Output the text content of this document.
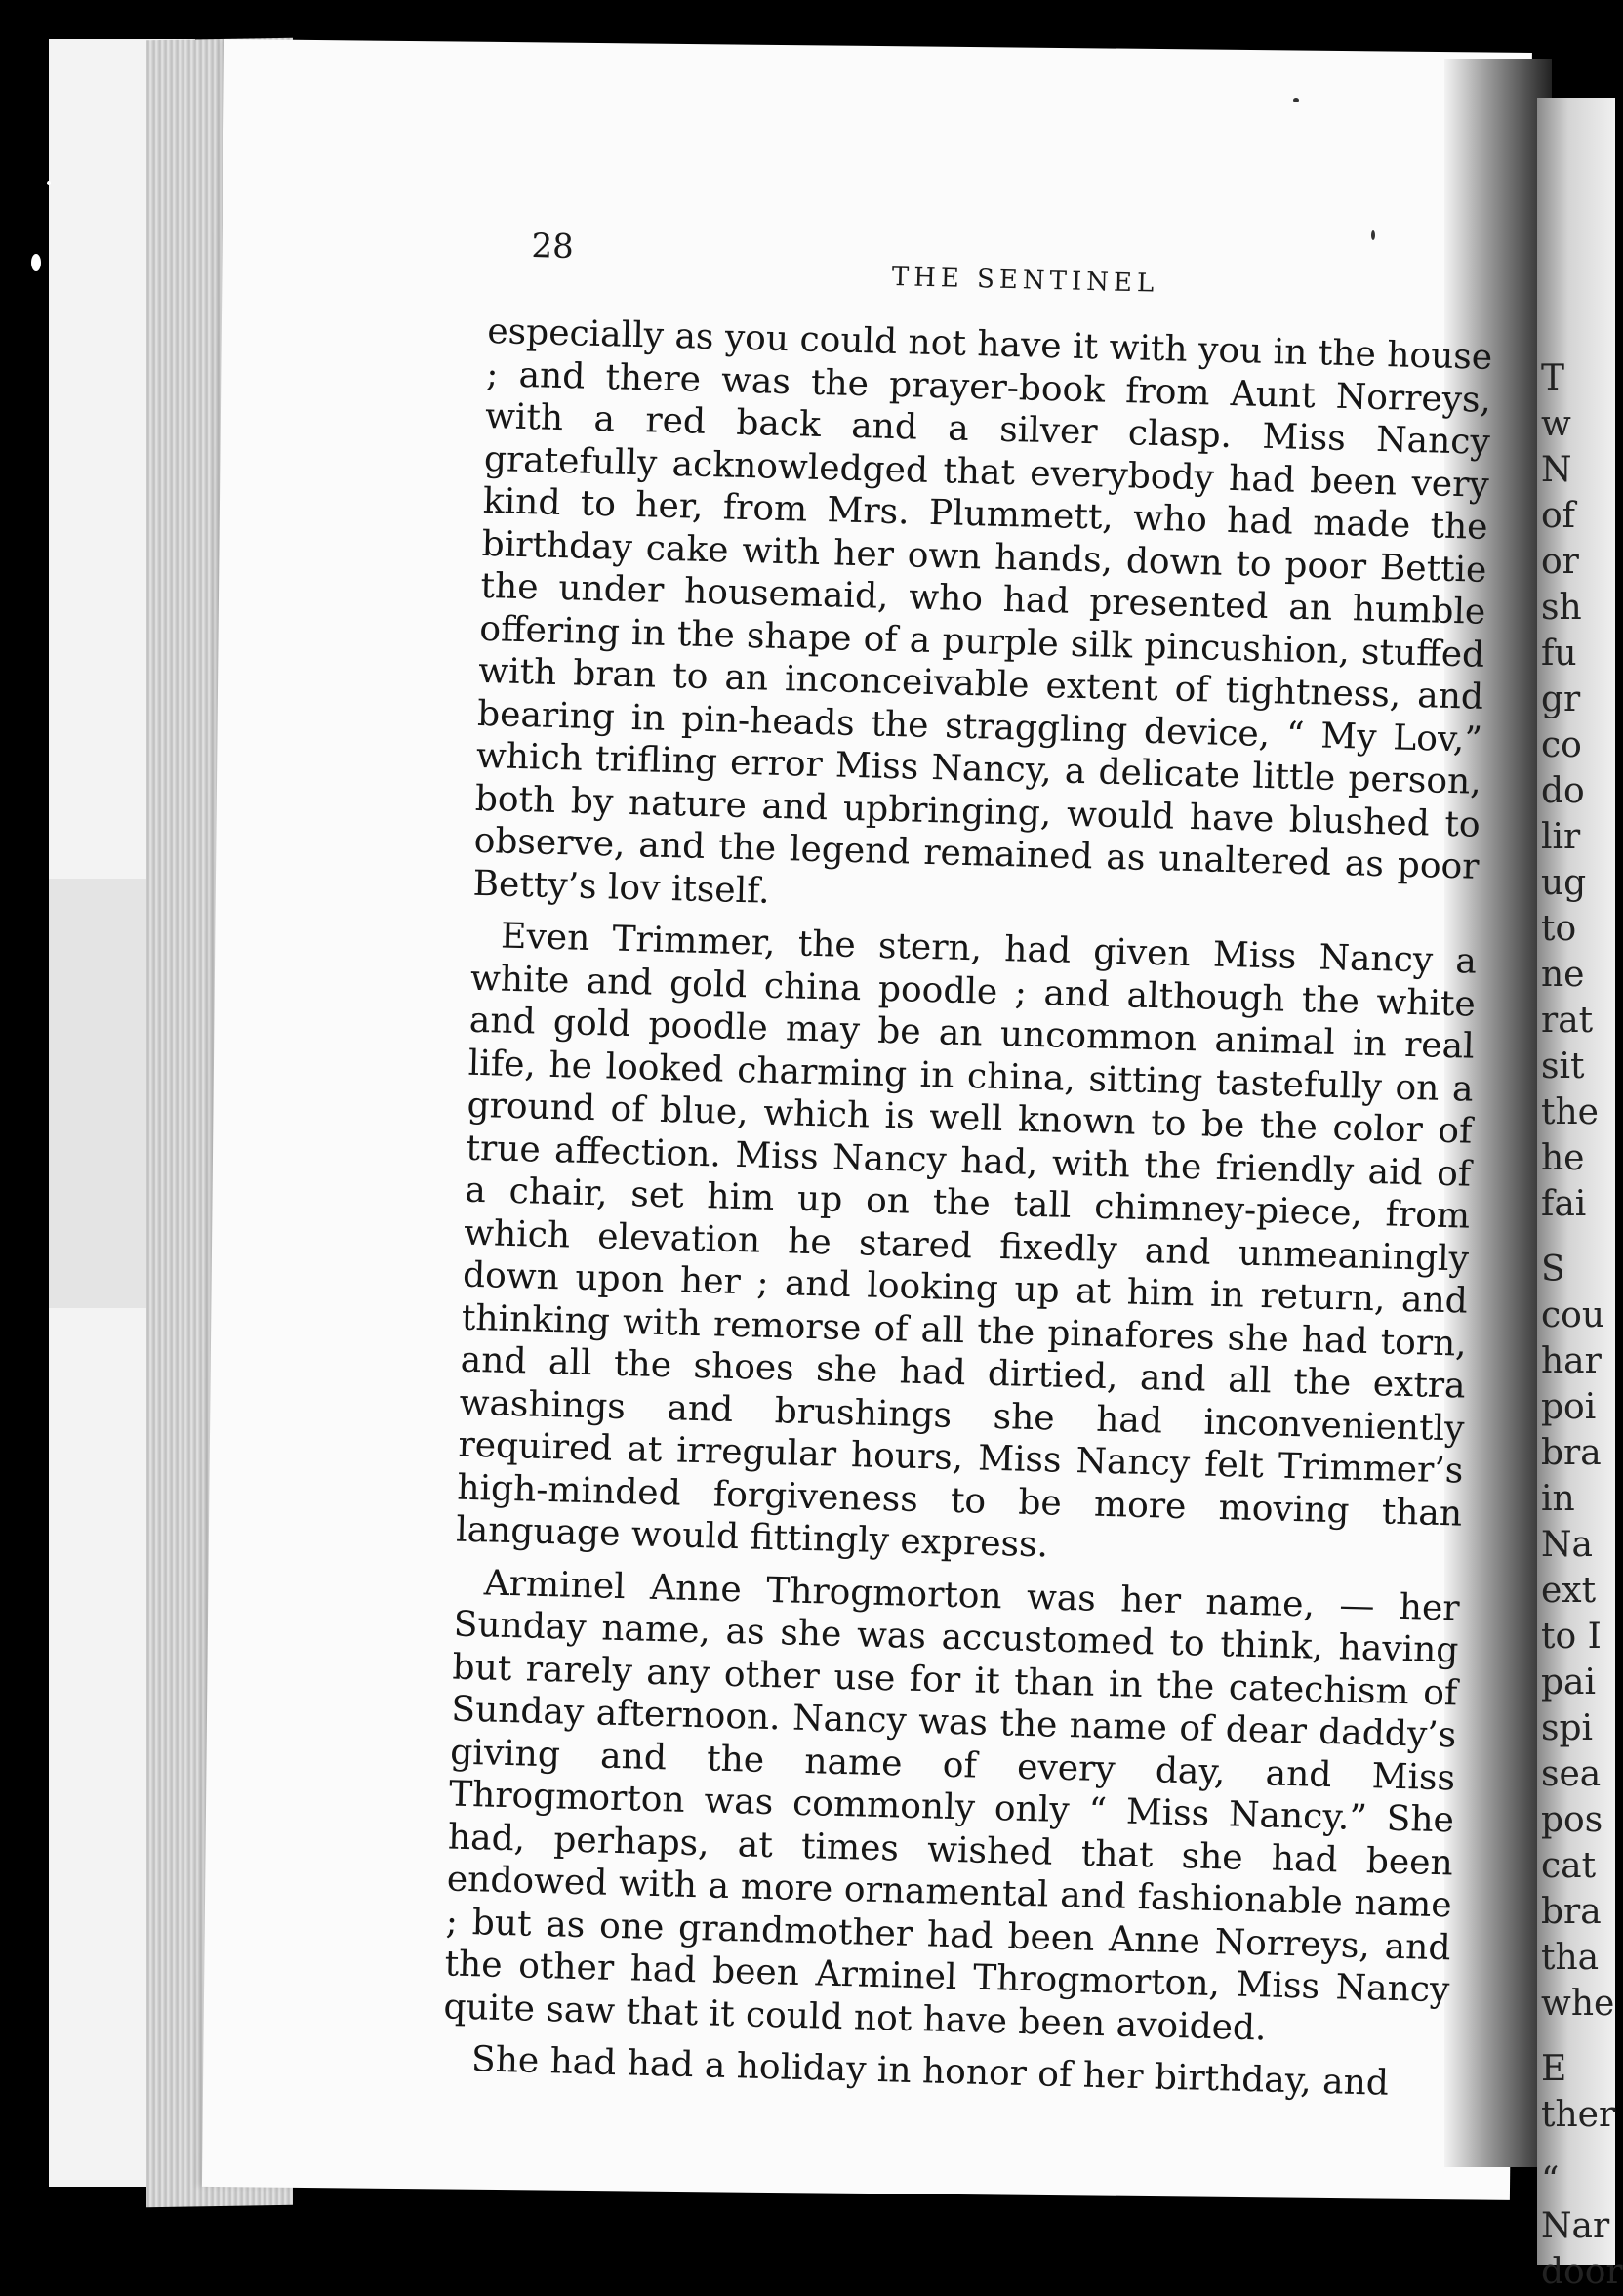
T
w
N
of
or
sh
fu
gr
co
do
lir
ug
to
ne
rat
sit
the
he
fai
S
cou
har
poi
bra
in
Na
ext
to I
pai
spi
sea
pos
cat
bra
tha
whe
E
ther
“
Nar
door
28
THE SENTINEL

especially as you could not have it with you in the house ; and there was the prayer-book from Aunt Norreys, with a red back and a silver clasp. Miss Nancy gratefully acknowledged that everybody had been very kind to her, from Mrs. Plummett, who had made the birthday cake with her own hands, down to poor Bettie the under housemaid, who had presented an humble offering in the shape of a purple silk pincushion, stuffed with bran to an inconceivable extent of tightness, and bearing in pin-heads the straggling device, “ My Lov,” which trifling error Miss Nancy, a delicate little person, both by nature and upbringing, would have blushed to observe, and the legend remained as unaltered as poor Betty’s lov itself.

Even Trimmer, the stern, had given Miss Nancy a white and gold china poodle ; and although the white and gold poodle may be an uncommon animal in real life, he looked charming in china, sitting tastefully on a ground of blue, which is well known to be the color of true affection. Miss Nancy had, with the friendly aid of a chair, set him up on the tall chimney-piece, from which elevation he stared fixedly and unmeaningly down upon her ; and looking up at him in return, and thinking with remorse of all the pinafores she had torn, and all the shoes she had dirtied, and all the extra washings and brushings she had inconveniently required at irregular hours, Miss Nancy felt Trimmer’s high-minded forgiveness to be more moving than language would fittingly express.

Arminel Anne Throgmorton was her name, — her Sunday name, as she was accustomed to think, having but rarely any other use for it than in the catechism of Sunday afternoon. Nancy was the name of dear daddy’s giving and the name of every day, and Miss Throgmorton was commonly only “ Miss Nancy.” She had, perhaps, at times wished that she had been endowed with a more ornamental and fashionable name ; but as one grandmother had been Anne Norreys, and the other had been Arminel Throgmorton, Miss Nancy quite saw that it could not have been avoided.

She had had a holiday in honor of her birthday, and
